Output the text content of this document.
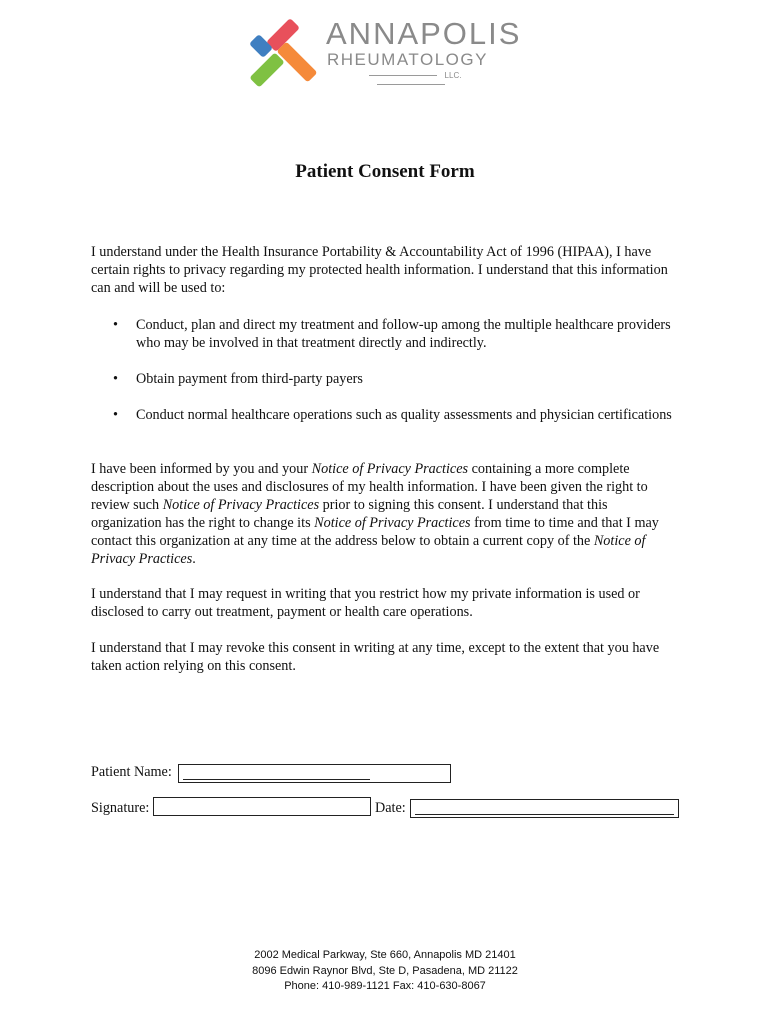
ANNAPOLIS
RHEUMATOLOGY
LLC.
Patient Consent Form
I understand under the Health Insurance Portability & Accountability Act of 1996 (HIPAA), I have certain rights to privacy regarding my protected health information. I understand that this information can and will be used to:
• Conduct, plan and direct my treatment and follow-up among the multiple healthcare providers who may be involved in that treatment directly and indirectly.
• Obtain payment from third-party payers
• Conduct normal healthcare operations such as quality assessments and physician certifications
I have been informed by you and your Notice of Privacy Practices containing a more complete description about the uses and disclosures of my health information. I have been given the right to review such Notice of Privacy Practices prior to signing this consent. I understand that this organization has the right to change its Notice of Privacy Practices from time to time and that I may contact this organization at any time at the address below to obtain a current copy of the Notice of Privacy Practices.
I understand that I may request in writing that you restrict how my private information is used or disclosed to carry out treatment, payment or health care operations.
I understand that I may revoke this consent in writing at any time, except to the extent that you have taken action relying on this consent.
Patient Name:
Signature:	Date:
2002 Medical Parkway, Ste 660, Annapolis MD 21401
8096 Edwin Raynor Blvd, Ste D, Pasadena, MD 21122
Phone: 410-989-1121 Fax: 410-630-8067
